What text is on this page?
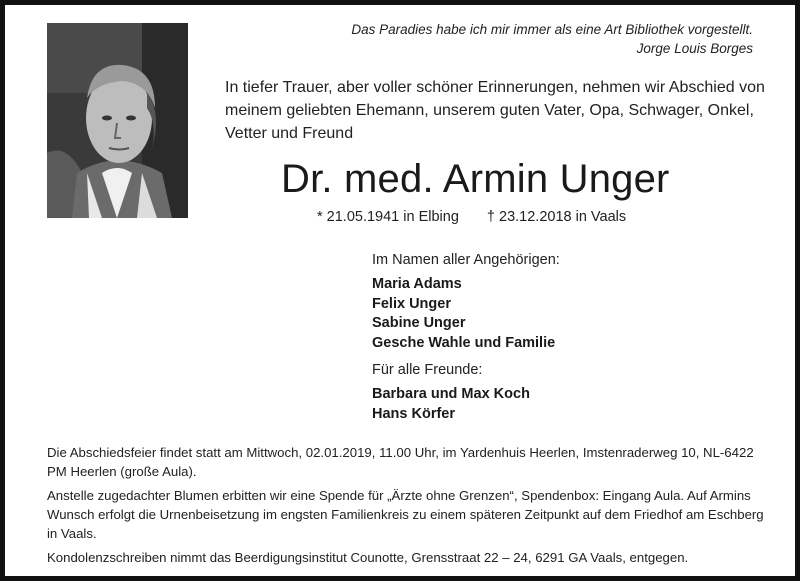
Das Paradies habe ich mir immer als eine Art Bibliothek vorgestellt.
Jorge Louis Borges
In tiefer Trauer, aber voller schöner Erinnerungen, nehmen wir Abschied von meinem geliebten Ehemann, unserem guten Vater, Opa, Schwager, Onkel, Vetter und Freund
Dr. med. Armin Unger
* 21.05.1941 in Elbing † 23.12.2018 in Vaals
Im Namen aller Angehörigen:
Maria Adams
Felix Unger
Sabine Unger
Gesche Wahle und Familie
Für alle Freunde:
Barbara und Max Koch
Hans Körfer

Die Abschiedsfeier findet statt am Mittwoch, 02.01.2019, 11.00 Uhr, im Yardenhuis Heerlen, Imstenraderweg 10, NL-6422 PM Heerlen (große Aula).

Anstelle zugedachter Blumen erbitten wir eine Spende für „Ärzte ohne Grenzen“, Spendenbox: Eingang Aula. Auf Armins Wunsch erfolgt die Urnenbeisetzung im engsten Familienkreis zu einem späteren Zeitpunkt auf dem Friedhof am Eschberg in Vaals.

Kondolenzschreiben nimmt das Beerdigungsinstitut Counotte, Grensstraat 22 – 24, 6291 GA Vaals, entgegen.
